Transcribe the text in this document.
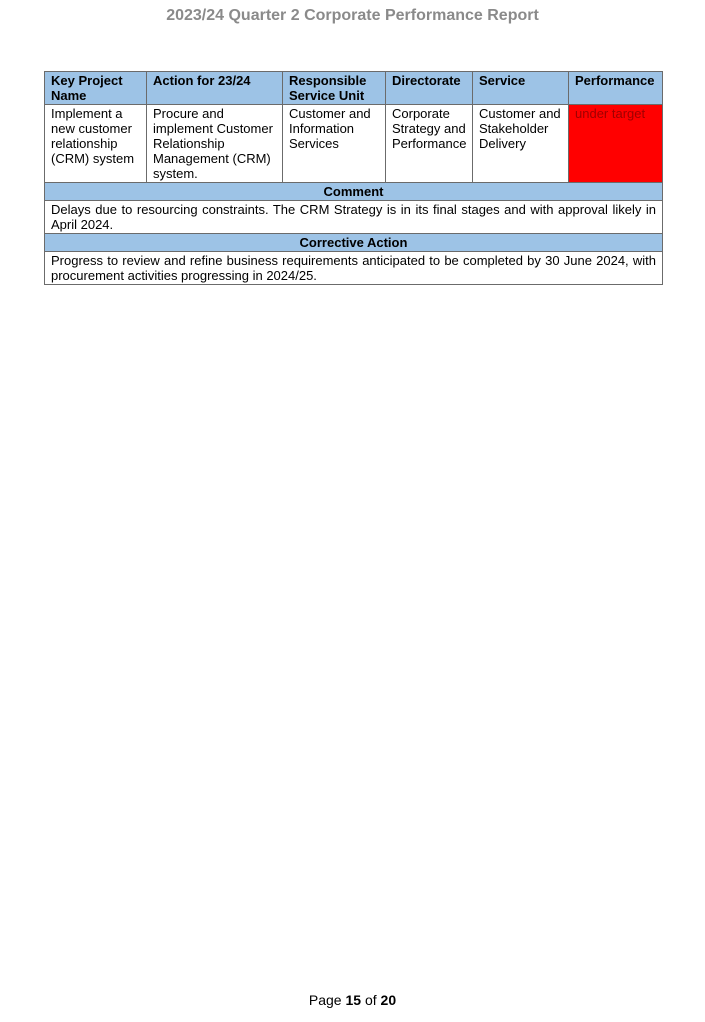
2023/24 Quarter 2 Corporate Performance Report
Key Project Name	Action for 23/24	Responsible Service Unit	Directorate	Service	Performance
Implement a new customer relationship (CRM) system	Procure and implement Customer Relationship Management (CRM) system.	Customer and Information Services	Corporate Strategy and Performance	Customer and Stakeholder Delivery	under target
Comment					
Delays due to resourcing constraints. The CRM Strategy is in its final stages and with approval likely in April 2024.					
Corrective Action					
Progress to review and refine business requirements anticipated to be completed by 30 June 2024, with procurement activities progressing in 2024/25.					
Page 15 of 20
